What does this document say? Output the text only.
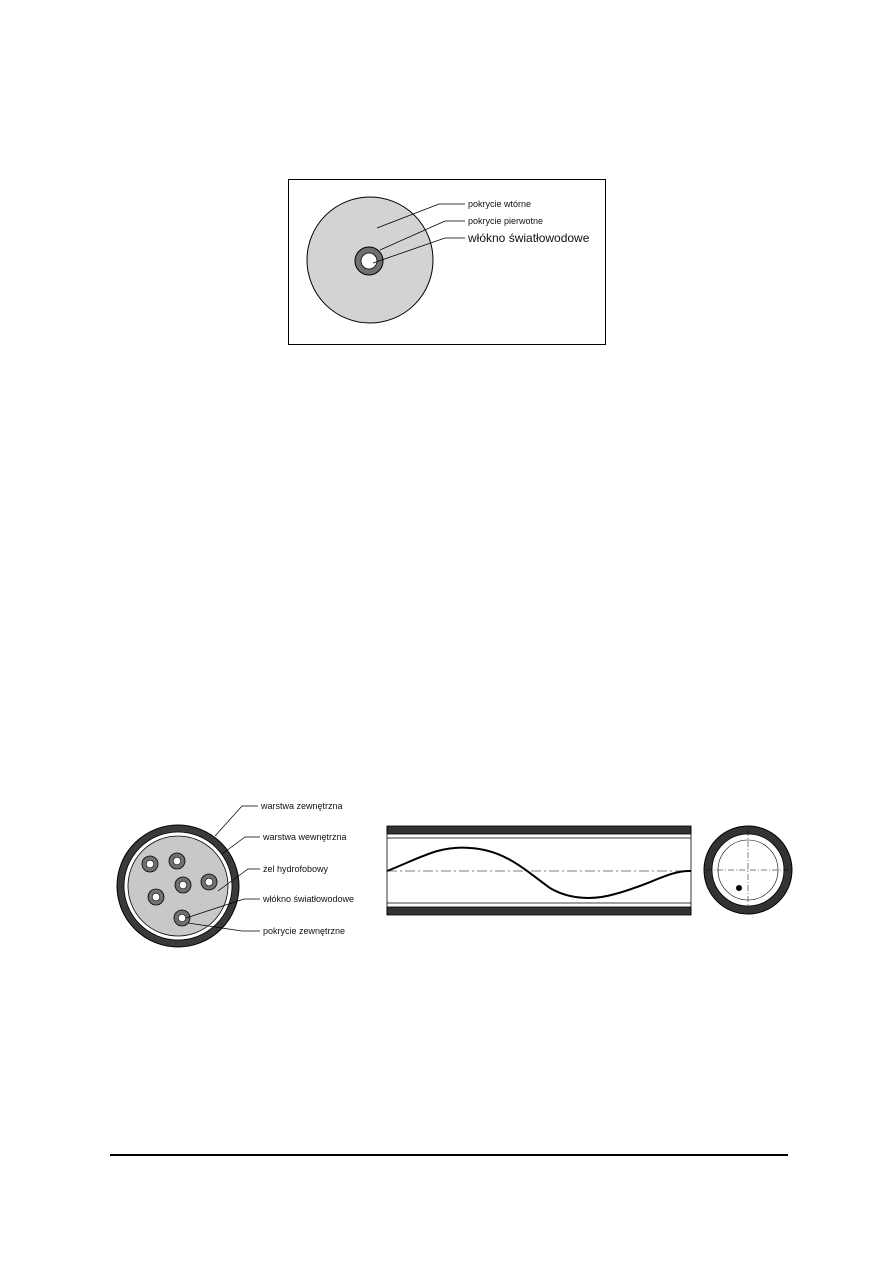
pokrycie wtórne
pokrycie pierwotne
włókno światłowodowe
warstwa zewnętrzna
warstwa wewnętrzna
żel hydrofobowy
włókno światłowodowe
pokrycie zewnętrzne
